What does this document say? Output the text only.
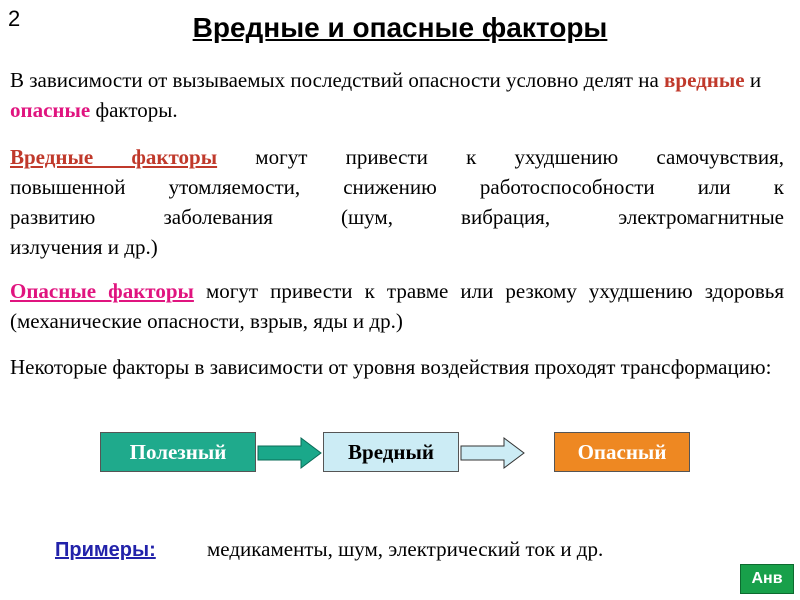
2	Вредные и опасные факторы
В зависимости от вызываемых последствий опасности условно делят на вредные и опасные факторы.
Вредные факторы могут привести к ухудшению самочувствия,
повышенной утомляемости, снижению работоспособности или к
развитию заболевания (шум, вибрация, электромагнитные
излучения и др.)
Опасные факторы могут привести к травме или резкому ухудшению здоровья (механические опасности, взрыв, яды и др.)
Некоторые факторы в зависимости от уровня воздействия проходят трансформацию:
Полезный	Вредный	Опасный
Примеры: медикаменты, шум, электрический ток и др.
Анв
